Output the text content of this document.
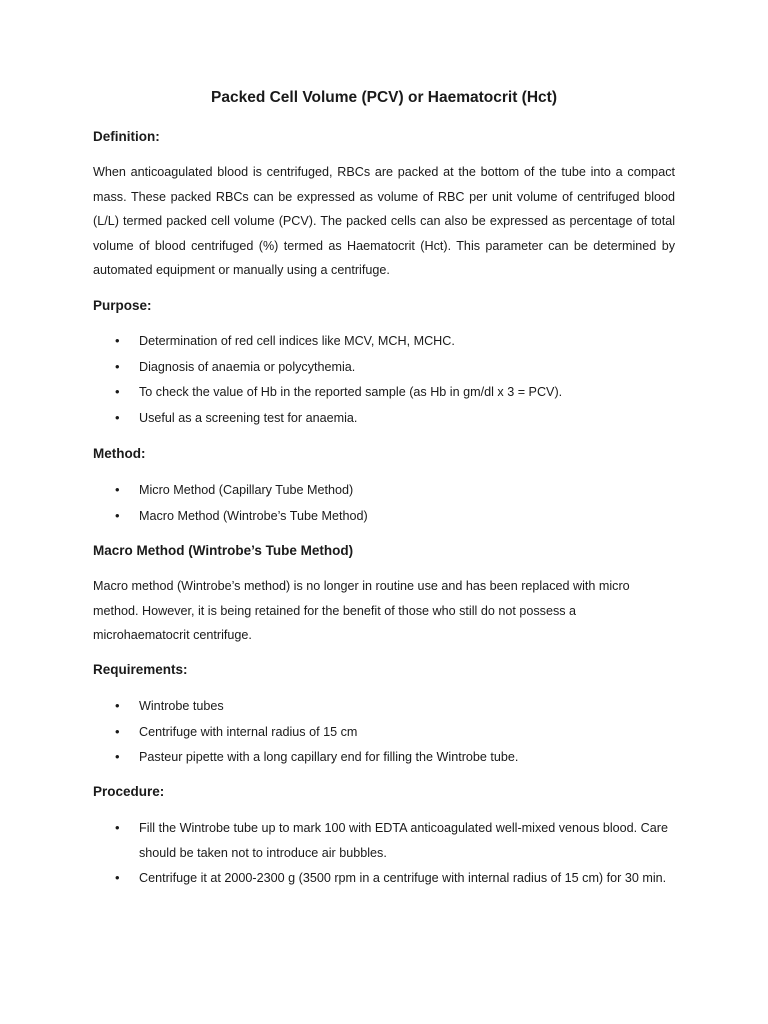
Packed Cell Volume (PCV) or Haematocrit (Hct)
Definition:

When anticoagulated blood is centrifuged, RBCs are packed at the bottom of the tube into a compact mass. These packed RBCs can be expressed as volume of RBC per unit volume of centrifuged blood (L/L) termed packed cell volume (PCV). The packed cells can also be expressed as percentage of total volume of blood centrifuged (%) termed as Haematocrit (Hct). This parameter can be determined by automated equipment or manually using a centrifuge.

Purpose:
• Determination of red cell indices like MCV, MCH, MCHC.
• Diagnosis of anaemia or polycythemia.
• To check the value of Hb in the reported sample (as Hb in gm/dl x 3 = PCV).
• Useful as a screening test for anaemia.
Method:
• Micro Method (Capillary Tube Method)
• Macro Method (Wintrobe’s Tube Method)
Macro Method (Wintrobe’s Tube Method)

Macro method (Wintrobe’s method) is no longer in routine use and has been replaced with micro method. However, it is being retained for the benefit of those who still do not possess a microhaematocrit centrifuge.

Requirements:
• Wintrobe tubes
• Centrifuge with internal radius of 15 cm
• Pasteur pipette with a long capillary end for filling the Wintrobe tube.
Procedure:
• Fill the Wintrobe tube up to mark 100 with EDTA anticoagulated well-mixed venous blood. Care should be taken not to introduce air bubbles.
• Centrifuge it at 2000-2300 g (3500 rpm in a centrifuge with internal radius of 15 cm) for 30 min.
